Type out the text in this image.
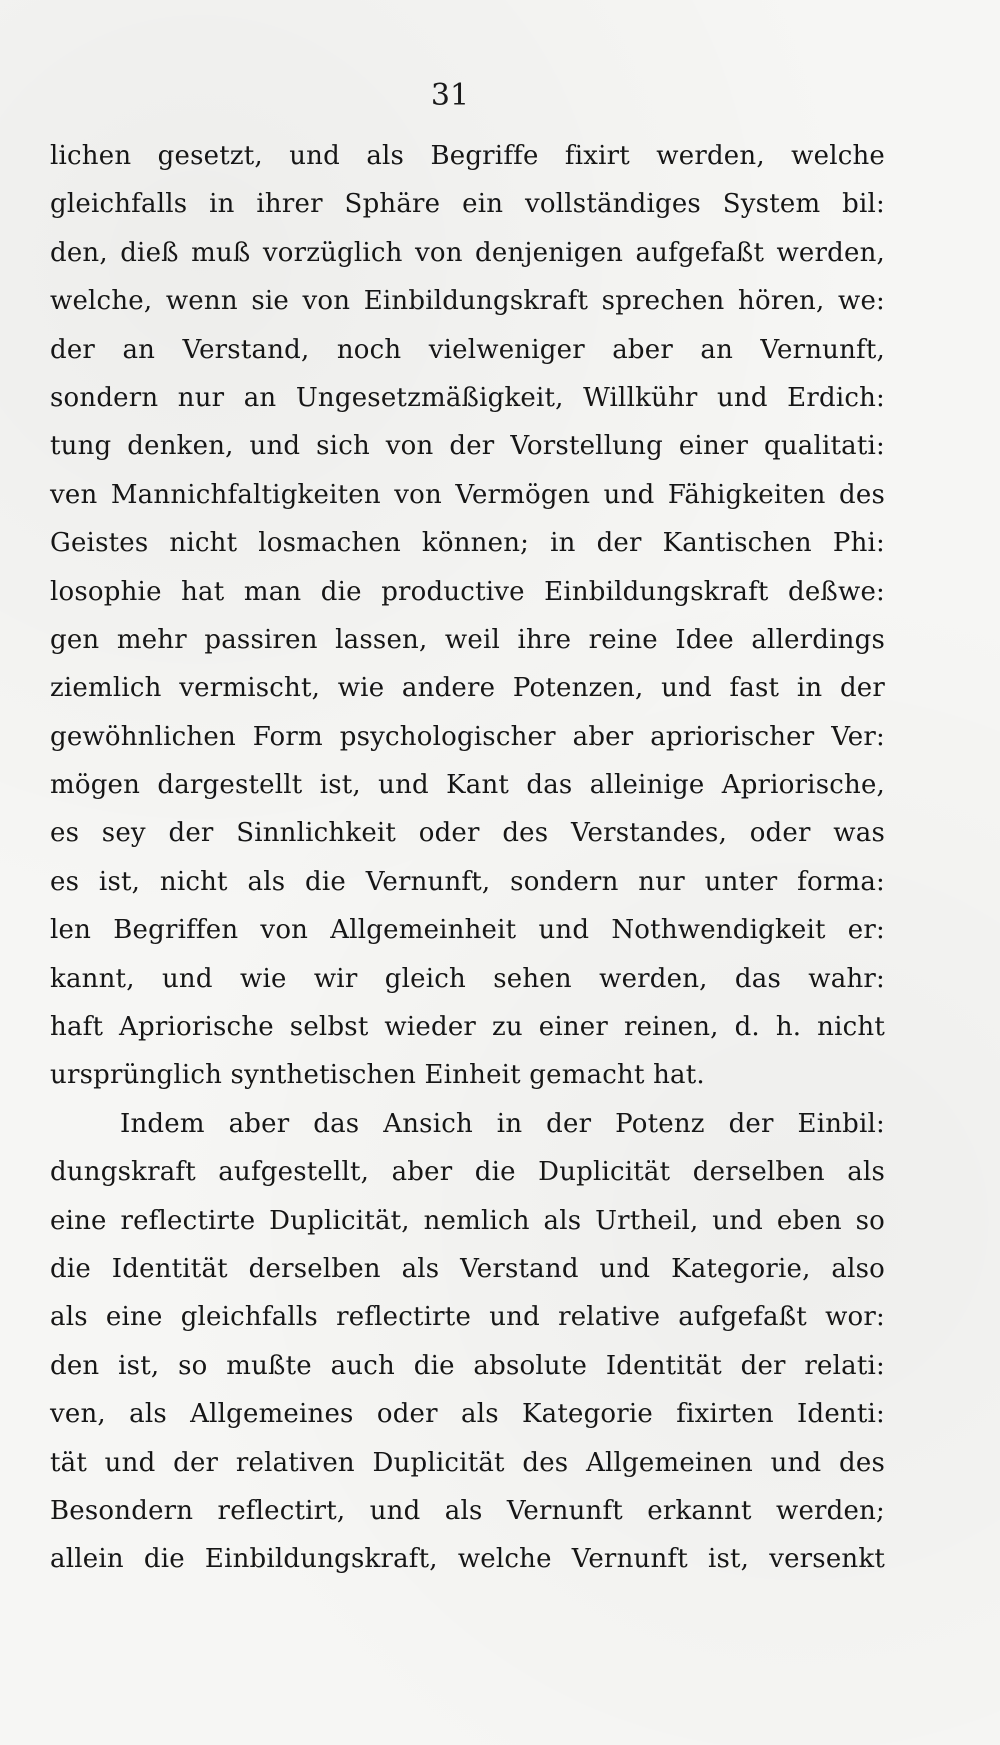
31
lichen gesetzt, und als Begriffe fixirt werden, welche
gleichfalls in ihrer Sphäre ein vollständiges System bil:
den, dieß muß vorzüglich von denjenigen aufgefaßt werden,
welche, wenn sie von Einbildungskraft sprechen hören, we:
der an Verstand, noch vielweniger aber an Vernunft,
sondern nur an Ungesetzmäßigkeit, Willkühr und Erdich:
tung denken, und sich von der Vorstellung einer qualitati:
ven Mannichfaltigkeiten von Vermögen und Fähigkeiten des
Geistes nicht losmachen können; in der Kantischen Phi:
losophie hat man die productive Einbildungskraft deßwe:
gen mehr passiren lassen, weil ihre reine Idee allerdings
ziemlich vermischt, wie andere Potenzen, und fast in der
gewöhnlichen Form psychologischer aber apriorischer Ver:
mögen dargestellt ist, und Kant das alleinige Apriorische,
es sey der Sinnlichkeit oder des Verstandes, oder was
es ist, nicht als die Vernunft, sondern nur unter forma:
len Begriffen von Allgemeinheit und Nothwendigkeit er:
kannt, und wie wir gleich sehen werden, das wahr:
haft Apriorische selbst wieder zu einer reinen, d. h. nicht
ursprünglich synthetischen Einheit gemacht hat.
Indem aber das Ansich in der Potenz der Einbil:
dungskraft aufgestellt, aber die Duplicität derselben als
eine reflectirte Duplicität, nemlich als Urtheil, und eben so
die Identität derselben als Verstand und Kategorie, also
als eine gleichfalls reflectirte und relative aufgefaßt wor:
den ist, so mußte auch die absolute Identität der relati:
ven, als Allgemeines oder als Kategorie fixirten Identi:
tät und der relativen Duplicität des Allgemeinen und des
Besondern reflectirt, und als Vernunft erkannt werden;
allein die Einbildungskraft, welche Vernunft ist, versenkt
